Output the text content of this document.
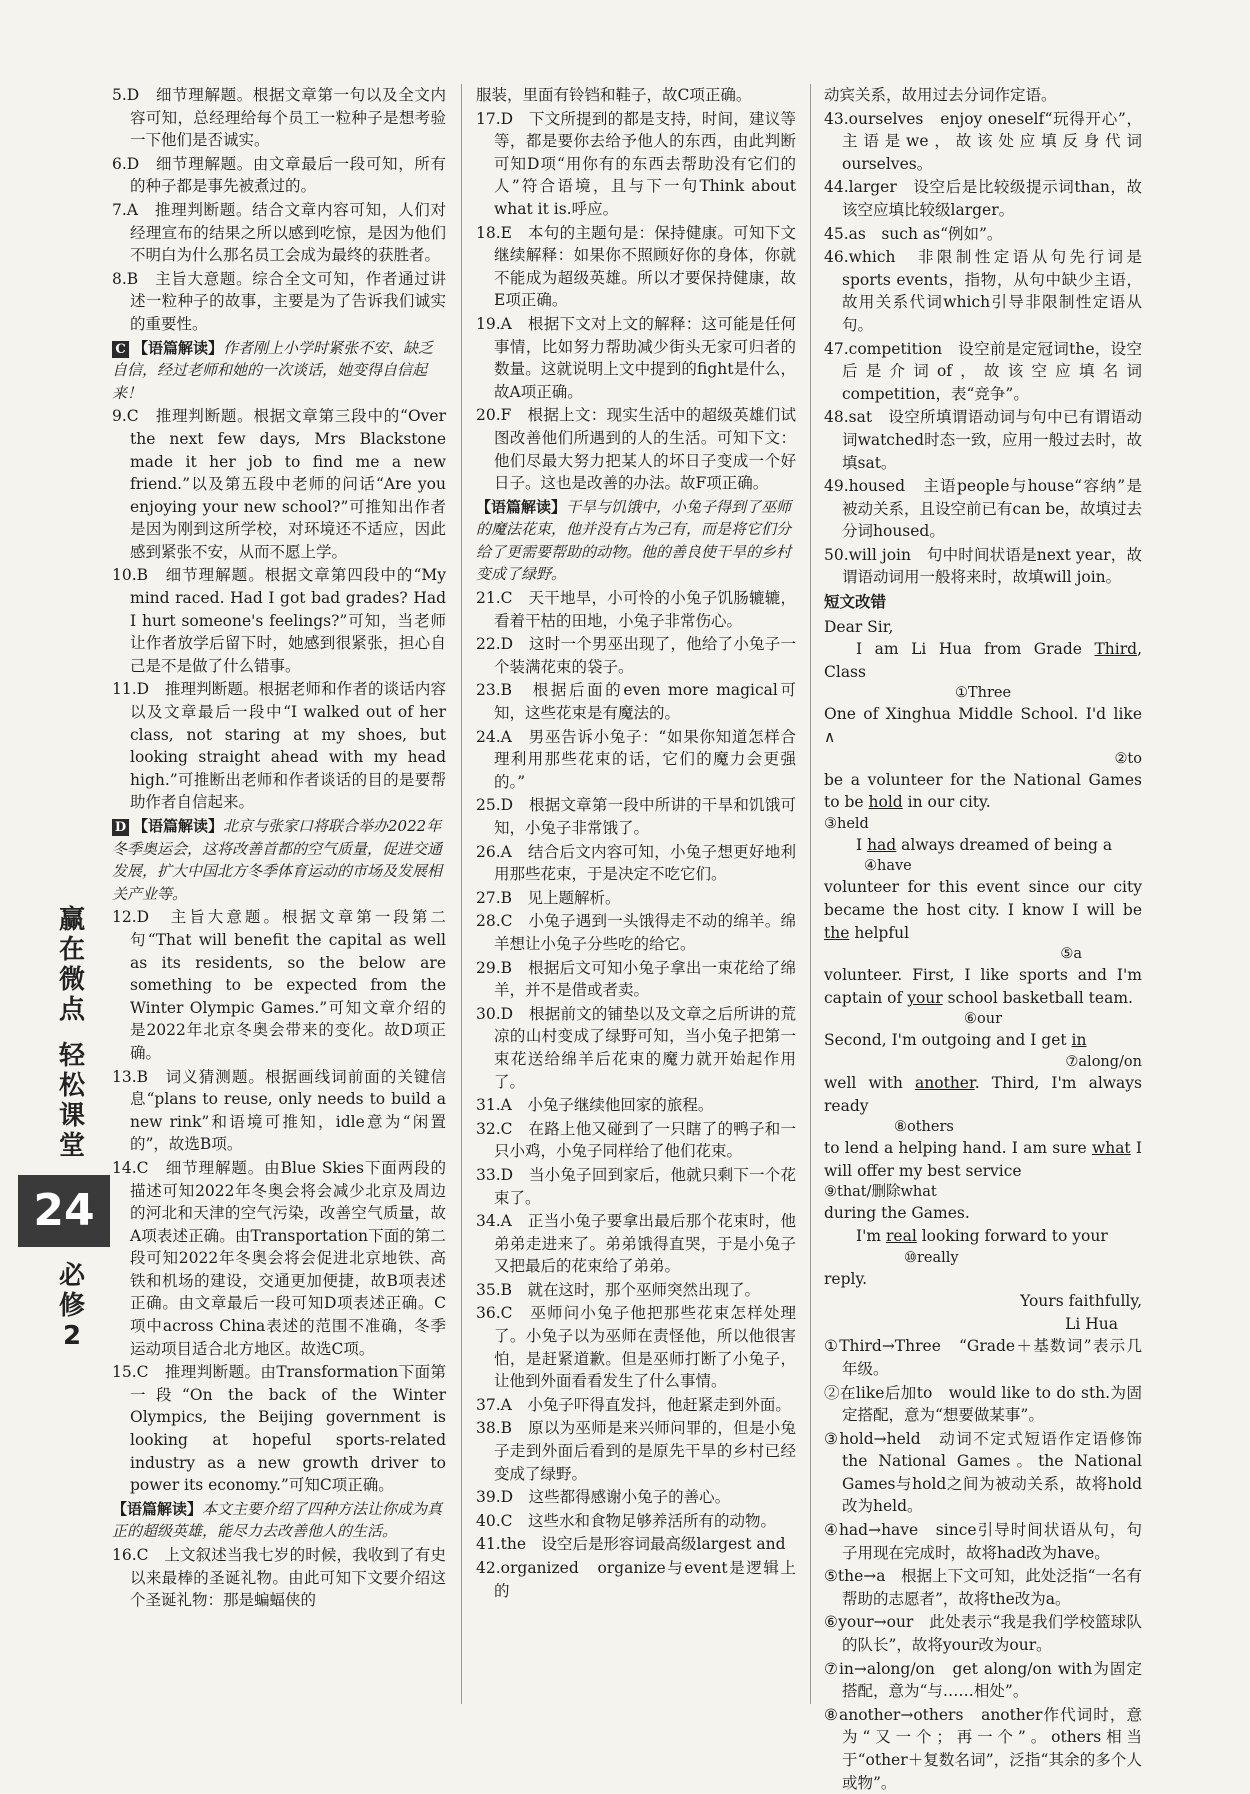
赢在微点
轻松课堂
24
必修2

5.D　细节理解题。根据文章第一句以及全文内容可知，总经理给每个员工一粒种子是想考验一下他们是否诚实。

6.D　细节理解题。由文章最后一段可知，所有的种子都是事先被煮过的。

7.A　推理判断题。结合文章内容可知，人们对经理宣布的结果之所以感到吃惊，是因为他们不明白为什么那名员工会成为最终的获胜者。

8.B　主旨大意题。综合全文可知，作者通过讲述一粒种子的故事，主要是为了告诉我们诚实的重要性。

C 【语篇解读】作者刚上小学时紧张不安、缺乏自信，经过老师和她的一次谈话，她变得自信起来！

9.C　推理判断题。根据文章第三段中的“Over the next few days, Mrs Blackstone made it her job to find me a new friend.”以及第五段中老师的问话“Are you enjoying your new school?”可推知出作者是因为刚到这所学校，对环境还不适应，因此感到紧张不安，从而不愿上学。

10.B　细节理解题。根据文章第四段中的“My mind raced. Had I got bad grades? Had I hurt someone's feelings?”可知，当老师让作者放学后留下时，她感到很紧张，担心自己是不是做了什么错事。

11.D　推理判断题。根据老师和作者的谈话内容以及文章最后一段中“I walked out of her class, not staring at my shoes, but looking straight ahead with my head high.”可推断出老师和作者谈话的目的是要帮助作者自信起来。

D 【语篇解读】北京与张家口将联合举办2022年冬季奥运会，这将改善首都的空气质量，促进交通发展，扩大中国北方冬季体育运动的市场及发展相关产业等。

12.D　主旨大意题。根据文章第一段第二句“That will benefit the capital as well as its residents, so the below are something to be expected from the Winter Olympic Games.”可知文章介绍的是2022年北京冬奥会带来的变化。故D项正确。

13.B　词义猜测题。根据画线词前面的关键信息“plans to reuse, only needs to build a new rink”和语境可推知，idle意为“闲置的”，故选B项。

14.C　细节理解题。由Blue Skies下面两段的描述可知2022年冬奥会将会减少北京及周边的河北和天津的空气污染，改善空气质量，故A项表述正确。由Transportation下面的第二段可知2022年冬奥会将会促进北京地铁、高铁和机场的建设，交通更加便捷，故B项表述正确。由文章最后一段可知D项表述正确。C项中across China表述的范围不准确，冬季运动项目适合北方地区。故选C项。

15.C　推理判断题。由Transformation下面第一段“On the back of the Winter Olympics, the Beijing government is looking at hopeful sports-related industry as a new growth driver to power its economy.”可知C项正确。

【语篇解读】本文主要介绍了四种方法让你成为真正的超级英雄，能尽力去改善他人的生活。

16.C　上文叙述当我七岁的时候，我收到了有史以来最棒的圣诞礼物。由此可知下文要介绍这个圣诞礼物：那是蝙蝠侠的

服装，里面有铃铛和鞋子，故C项正确。

17.D　下文所提到的都是支持，时间，建议等等，都是要你去给予他人的东西，由此判断可知D项“用你有的东西去帮助没有它们的人”符合语境，且与下一句Think about what it is.呼应。

18.E　本句的主题句是：保持健康。可知下文继续解释：如果你不照顾好你的身体，你就不能成为超级英雄。所以才要保持健康，故E项正确。

19.A　根据下文对上文的解释：这可能是任何事情，比如努力帮助减少街头无家可归者的数量。这就说明上文中提到的fight是什么，故A项正确。

20.F　根据上文：现实生活中的超级英雄们试图改善他们所遇到的人的生活。可知下文：他们尽最大努力把某人的坏日子变成一个好日子。这也是改善的办法。故F项正确。

【语篇解读】干旱与饥饿中，小兔子得到了巫师的魔法花束，他并没有占为己有，而是将它们分给了更需要帮助的动物。他的善良使干旱的乡村变成了绿野。

21.C　天干地旱，小可怜的小兔子饥肠辘辘，看着干枯的田地，小兔子非常伤心。

22.D　这时一个男巫出现了，他给了小兔子一个装满花束的袋子。

23.B　根据后面的even more magical可知，这些花束是有魔法的。

24.A　男巫告诉小兔子：“如果你知道怎样合理利用那些花束的话，它们的魔力会更强的。”

25.D　根据文章第一段中所讲的干旱和饥饿可知，小兔子非常饿了。

26.A　结合后文内容可知，小兔子想更好地利用那些花束，于是决定不吃它们。

27.B　见上题解析。

28.C　小兔子遇到一头饿得走不动的绵羊。绵羊想让小兔子分些吃的给它。

29.B　根据后文可知小兔子拿出一束花给了绵羊，并不是借或者卖。

30.D　根据前文的铺垫以及文章之后所讲的荒凉的山村变成了绿野可知，当小兔子把第一束花送给绵羊后花束的魔力就开始起作用了。

31.A　小兔子继续他回家的旅程。

32.C　在路上他又碰到了一只瞎了的鸭子和一只小鸡，小兔子同样给了他们花束。

33.D　当小兔子回到家后，他就只剩下一个花束了。

34.A　正当小兔子要拿出最后那个花束时，他弟弟走进来了。弟弟饿得直哭，于是小兔子又把最后的花束给了弟弟。

35.B　就在这时，那个巫师突然出现了。

36.C　巫师问小兔子他把那些花束怎样处理了。小兔子以为巫师在责怪他，所以他很害怕，是赶紧道歉。但是巫师打断了小兔子，让他到外面看看发生了什么事情。

37.A　小兔子吓得直发抖，他赶紧走到外面。

38.B　原以为巫师是来兴师问罪的，但是小兔子走到外面后看到的是原先干旱的乡村已经变成了绿野。

39.D　这些都得感谢小兔子的善心。

40.C　这些水和食物足够养活所有的动物。

41.the　设空后是形容词最高级largest and

42.organized　organize与event是逻辑上的

动宾关系，故用过去分词作定语。

43.ourselves　enjoy oneself“玩得开心”，主语是we，故该处应填反身代词ourselves。

44.larger　设空后是比较级提示词than，故该空应填比较级larger。

45.as　such as“例如”。

46.which　非限制性定语从句先行词是sports events，指物，从句中缺少主语，故用关系代词which引导非限制性定语从句。

47.competition　设空前是定冠词the，设空后是介词of，故该空应填名词competition，表“竞争”。

48.sat　设空所填谓语动词与句中已有谓语动词watched时态一致，应用一般过去时，故填sat。

49.housed　主语people与house“容纳”是被动关系，且设空前已有can be，故填过去分词housed。

50.will join　句中时间状语是next year，故谓语动词用一般将来时，故填will join。

短文改错

Dear Sir,

I am Li Hua from Grade Third, Class

①Three

One of Xinghua Middle School. I'd like ∧

②to

be a volunteer for the National Games to be hold in our city.

③held

I had always dreamed of being a

④have

volunteer for this event since our city became the host city. I know I will be the helpful

⑤a

volunteer. First, I like sports and I'm captain of your school basketball team.

⑥our

Second, I'm outgoing and I get in

⑦along/on

well with another. Third, I'm always ready

⑧others

to lend a helping hand. I am sure what I will offer my best service

⑨that/删除what

during the Games.

I'm real looking forward to your

⑩really

reply.

Yours faithfully,

Li Hua

①Third→Three　“Grade＋基数词”表示几年级。

②在like后加to　would like to do sth.为固定搭配，意为“想要做某事”。

③hold→held　动词不定式短语作定语修饰the National Games。the National Games与hold之间为被动关系，故将hold改为held。

④had→have　since引导时间状语从句，句子用现在完成时，故将had改为have。

⑤the→a　根据上下文可知，此处泛指“一名有帮助的志愿者”，故将the改为a。

⑥your→our　此处表示“我是我们学校篮球队的队长”，故将your改为our。

⑦in→along/on　get along/on with为固定搭配，意为“与……相处”。

⑧another→others　another作代词时，意为“又一个；再一个”。others相当于“other＋复数名词”，泛指“其余的多个人或物”。
